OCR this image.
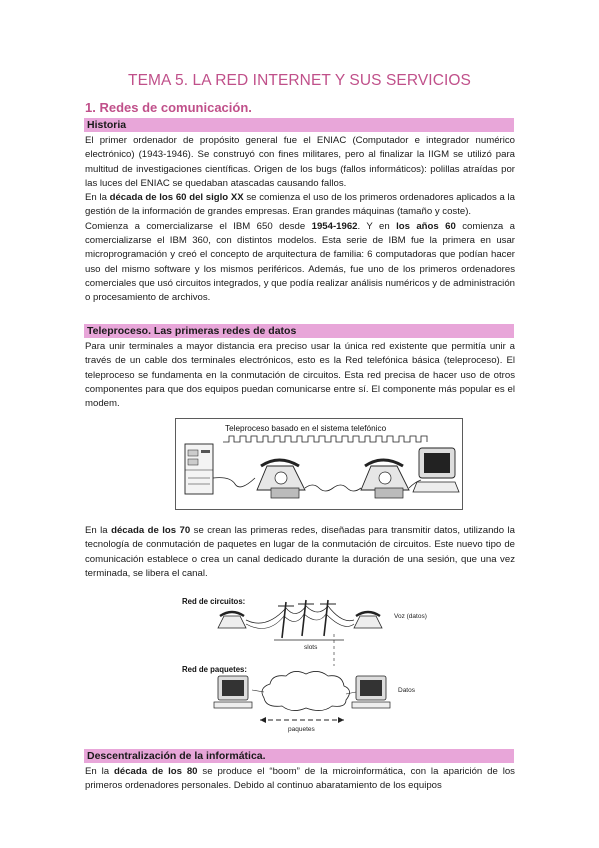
TEMA 5. LA RED INTERNET Y SUS SERVICIOS
1. Redes de comunicación.
Historia

El primer ordenador de propósito general fue el ENIAC (Computador e integrador numérico electrónico) (1943-1946). Se construyó con fines militares, pero al finalizar la IIGM se utilizó para multitud de investigaciones científicas. Origen de los bugs (fallos informáticos): polillas atraídas por las luces del ENIAC se quedaban atascadas causando fallos.

En la década de los 60 del siglo XX se comienza el uso de los primeros ordenadores aplicados a la gestión de la información de grandes empresas. Eran grandes máquinas (tamaño y coste).

Comienza a comercializarse el IBM 650 desde 1954-1962. Y en los años 60 comienza a comercializarse el IBM 360, con distintos modelos. Esta serie de IBM fue la primera en usar microprogramación y creó el concepto de arquitectura de familia: 6 computadoras que podían hacer uso del mismo software y los mismos periféricos. Además, fue uno de los primeros ordenadores comerciales que usó circuitos integrados, y que podía realizar análisis numéricos y de administración o procesamiento de archivos.

Teleproceso. Las primeras redes de datos

Para unir terminales a mayor distancia era preciso usar la única red existente que permitía unir a través de un cable dos terminales electrónicos, esto es la Red telefónica básica (teleproceso). El teleproceso se fundamenta en la conmutación de circuitos. Esta red precisa de hacer uso de otros componentes para que dos equipos puedan comunicarse entre sí. El componente más popular es el modem.

Teleproceso basado en el sistema telefónico

En la década de los 70 se crean las primeras redes, diseñadas para transmitir datos, utilizando la tecnología de conmutación de paquetes en lugar de la conmutación de circuitos. Este nuevo tipo de comunicación establece o crea un canal dedicado durante la duración de una sesión, que una vez terminada, se libera el canal.

Red de circuitos:
Voz (datos)
slots
Red de paquetes:
Datos
paquetes
Descentralización de la informática.

En la década de los 80 se produce el “boom” de la microinformática, con la aparición de los primeros ordenadores personales. Debido al continuo abaratamiento de los equipos
